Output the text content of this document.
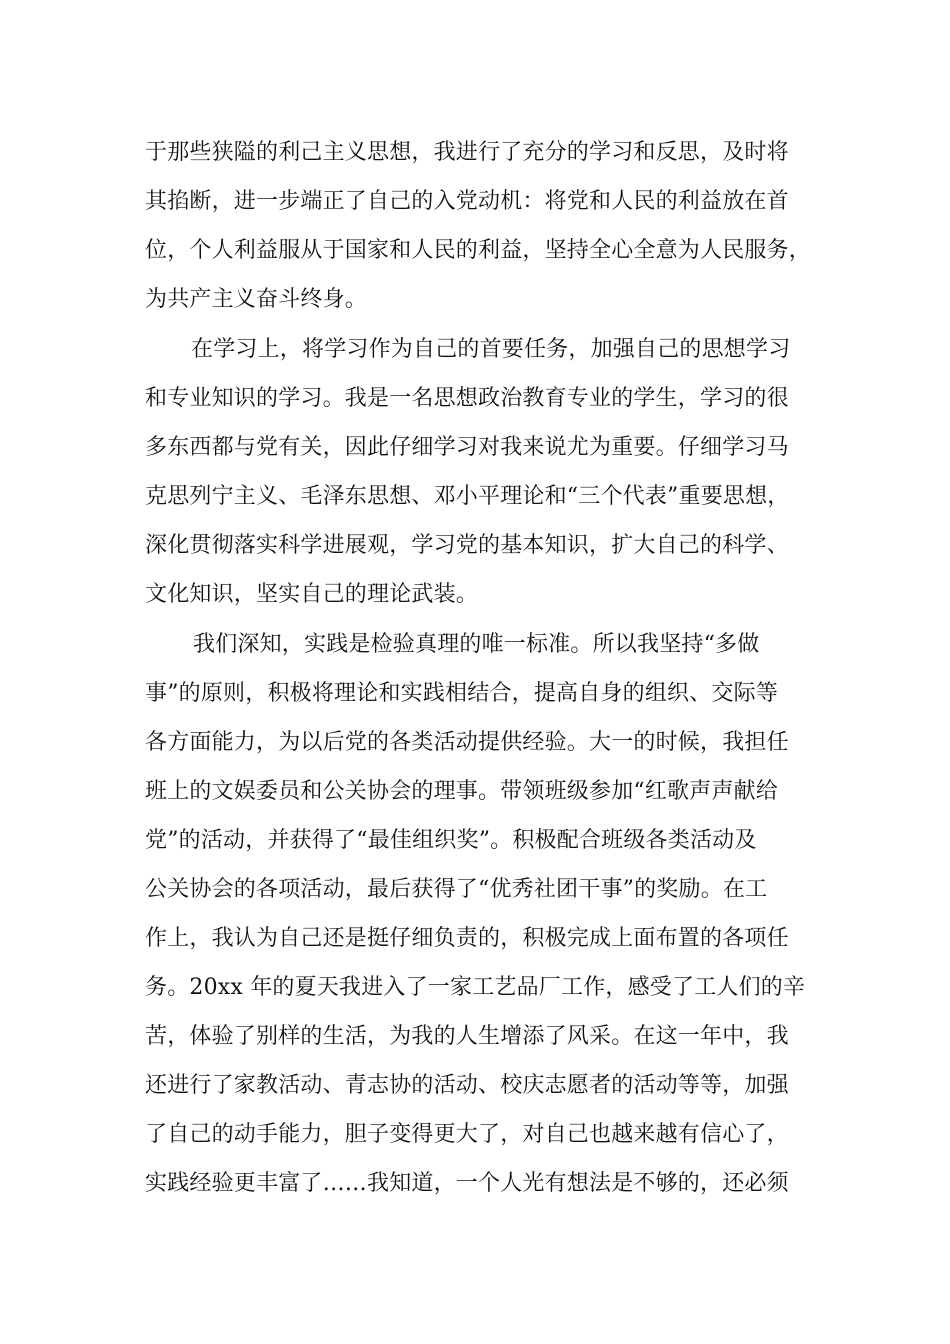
于那些狭隘的利己主义思想，我进行了充分的学习和反思，及时将
其掐断，进一步端正了自己的入党动机：将党和人民的利益放在首
位，个人利益服从于国家和人民的利益，坚持全心全意为人民服务，
为共产主义奋斗终身。
在学习上，将学习作为自己的首要任务，加强自己的思想学习
和专业知识的学习。我是一名思想政治教育专业的学生，学习的很
多东西都与党有关，因此仔细学习对我来说尤为重要。仔细学习马
克思列宁主义、毛泽东思想、邓小平理论和“三个代表”重要思想，
深化贯彻落实科学进展观，学习党的基本知识，扩大自己的科学、
文化知识，坚实自己的理论武装。
我们深知，实践是检验真理的唯一标准。所以我坚持“多做
事”的原则，积极将理论和实践相结合，提高自身的组织、交际等
各方面能力，为以后党的各类活动提供经验。大一的时候，我担任
班上的文娱委员和公关协会的理事。带领班级参加“红歌声声献给
党”的活动，并获得了“最佳组织奖”。积极配合班级各类活动及
公关协会的各项活动，最后获得了“优秀社团干事”的奖励。在工
作上，我认为自己还是挺仔细负责的，积极完成上面布置的各项任
务。20xx 年的夏天我进入了一家工艺品厂工作，感受了工人们的辛
苦，体验了别样的生活，为我的人生增添了风采。在这一年中，我
还进行了家教活动、青志协的活动、校庆志愿者的活动等等，加强
了自己的动手能力，胆子变得更大了，对自己也越来越有信心了，
实践经验更丰富了……我知道，一个人光有想法是不够的，还必须
